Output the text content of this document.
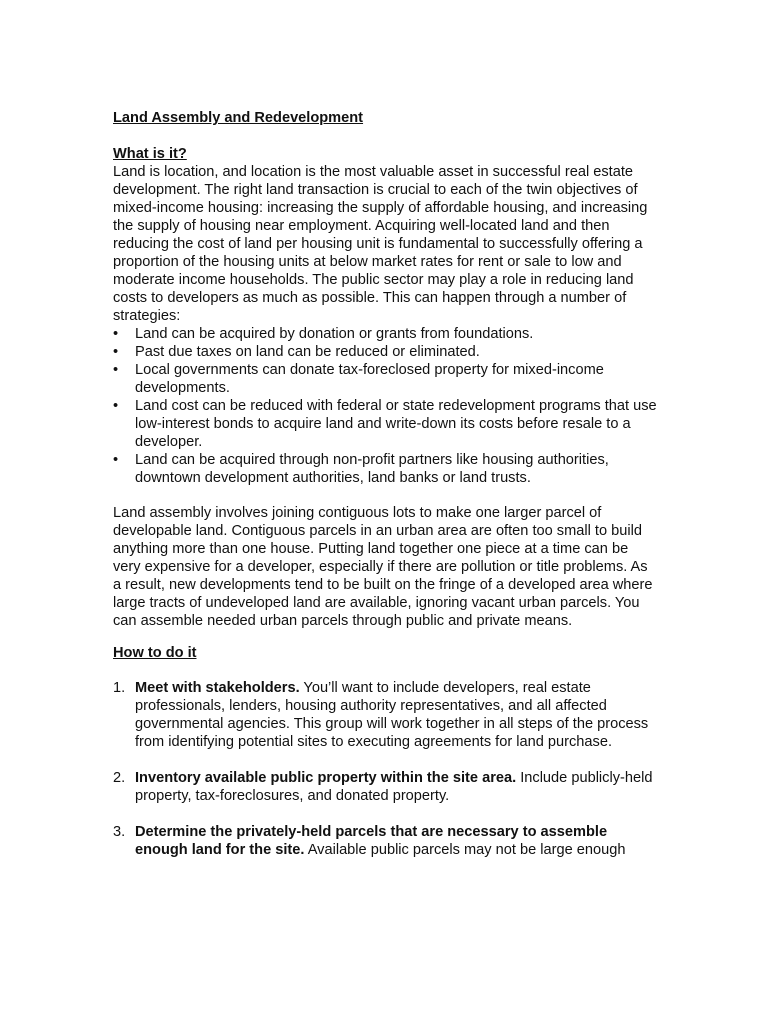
Land Assembly and Redevelopment
What is it?

Land is location, and location is the most valuable asset in successful real estate development. The right land transaction is crucial to each of the twin objectives of mixed-income housing: increasing the supply of affordable housing, and increasing the supply of housing near employment. Acquiring well-located land and then reducing the cost of land per housing unit is fundamental to successfully offering a proportion of the housing units at below market rates for rent or sale to low and moderate income households. The public sector may play a role in reducing land costs to developers as much as possible. This can happen through a number of strategies:

•	Land can be acquired by donation or grants from foundations.
•	Past due taxes on land can be reduced or eliminated.
•	Local governments can donate tax-foreclosed property for mixed-income developments.
•	Land cost can be reduced with federal or state redevelopment programs that use low-interest bonds to acquire land and write-down its costs before resale to a developer.
•	Land can be acquired through non-profit partners like housing authorities, downtown development authorities, land banks or land trusts.

Land assembly involves joining contiguous lots to make one larger parcel of developable land. Contiguous parcels in an urban area are often too small to build anything more than one house. Putting land together one piece at a time can be very expensive for a developer, especially if there are pollution or title problems. As a result, new developments tend to be built on the fringe of a developed area where large tracts of undeveloped land are available, ignoring vacant urban parcels. You can assemble needed urban parcels through public and private means.

How to do it
1. Meet with stakeholders. You’ll want to include developers, real estate professionals, lenders, housing authority representatives, and all affected governmental agencies. This group will work together in all steps of the process from identifying potential sites to executing agreements for land purchase.
2. Inventory available public property within the site area. Include publicly-held property, tax-foreclosures, and donated property.
3. Determine the privately-held parcels that are necessary to assemble enough land for the site. Available public parcels may not be large enough
